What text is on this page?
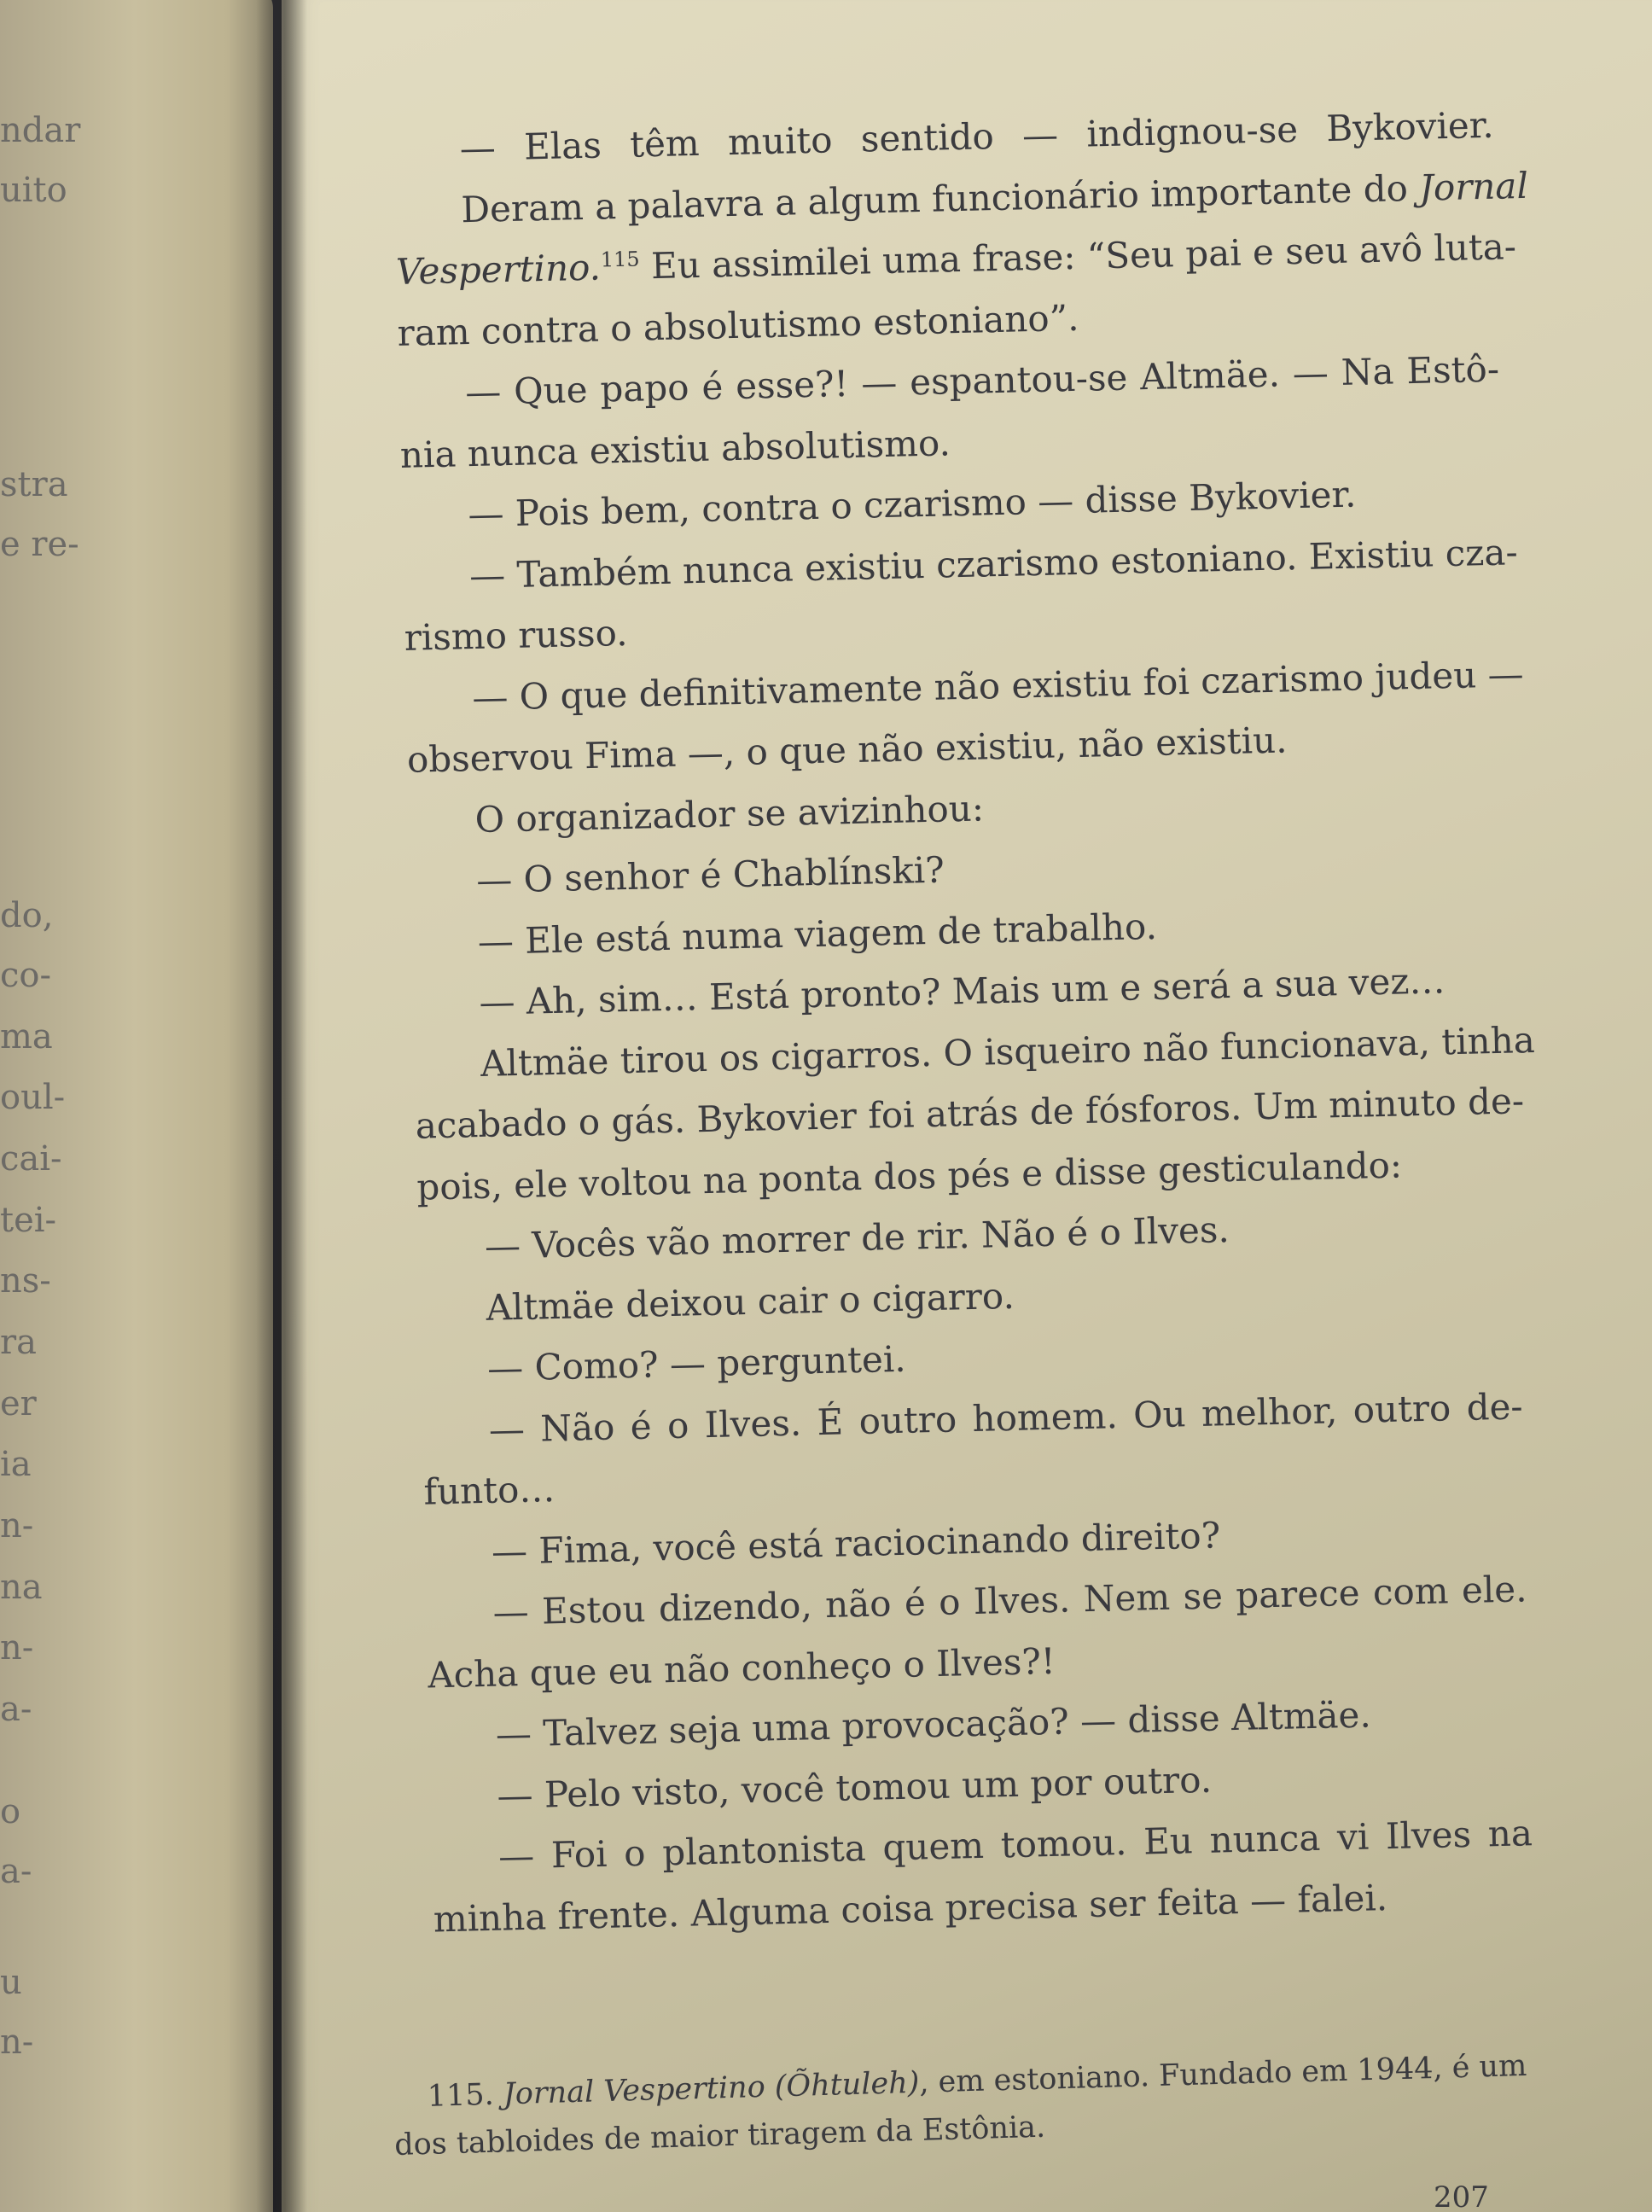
ndar
uito
stra
e re-
do,
co-
ma
oul-
cai-
tei-
ns-
ra
er
ia
n-
na
n-
a-
o
a-
u
n-
— Elas têm muito sentido — indignou-se Bykovier.
Deram a palavra a algum funcionário importante do Jornal
Vespertino.$^{115}$ Eu assimilei uma frase: “Seu pai e seu avô luta-
ram contra o absolutismo estoniano”.
— Que papo é esse?! — espantou-se Altmäe. — Na Estô-
nia nunca existiu absolutismo.
— Pois bem, contra o czarismo — disse Bykovier.
— Também nunca existiu czarismo estoniano. Existiu cza-
rismo russo.
— O que definitivamente não existiu foi czarismo judeu —
observou Fima —, o que não existiu, não existiu.
O organizador se avizinhou:
— O senhor é Chablínski?
— Ele está numa viagem de trabalho.
— Ah, sim… Está pronto? Mais um e será a sua vez…
Altmäe tirou os cigarros. O isqueiro não funcionava, tinha
acabado o gás. Bykovier foi atrás de fósforos. Um minuto de-
pois, ele voltou na ponta dos pés e disse gesticulando:
— Vocês vão morrer de rir. Não é o Ilves.
Altmäe deixou cair o cigarro.
— Como? — perguntei.
— Não é o Ilves. É outro homem. Ou melhor, outro de-
funto…
— Fima, você está raciocinando direito?
— Estou dizendo, não é o Ilves. Nem se parece com ele.
Acha que eu não conheço o Ilves?!
— Talvez seja uma provocação? — disse Altmäe.
— Pelo visto, você tomou um por outro.
— Foi o plantonista quem tomou. Eu nunca vi Ilves na
minha frente. Alguma coisa precisa ser feita — falei.
115. Jornal Vespertino (Õhtuleh), em estoniano. Fundado em 1944, é um
dos tabloides de maior tiragem da Estônia.
207
